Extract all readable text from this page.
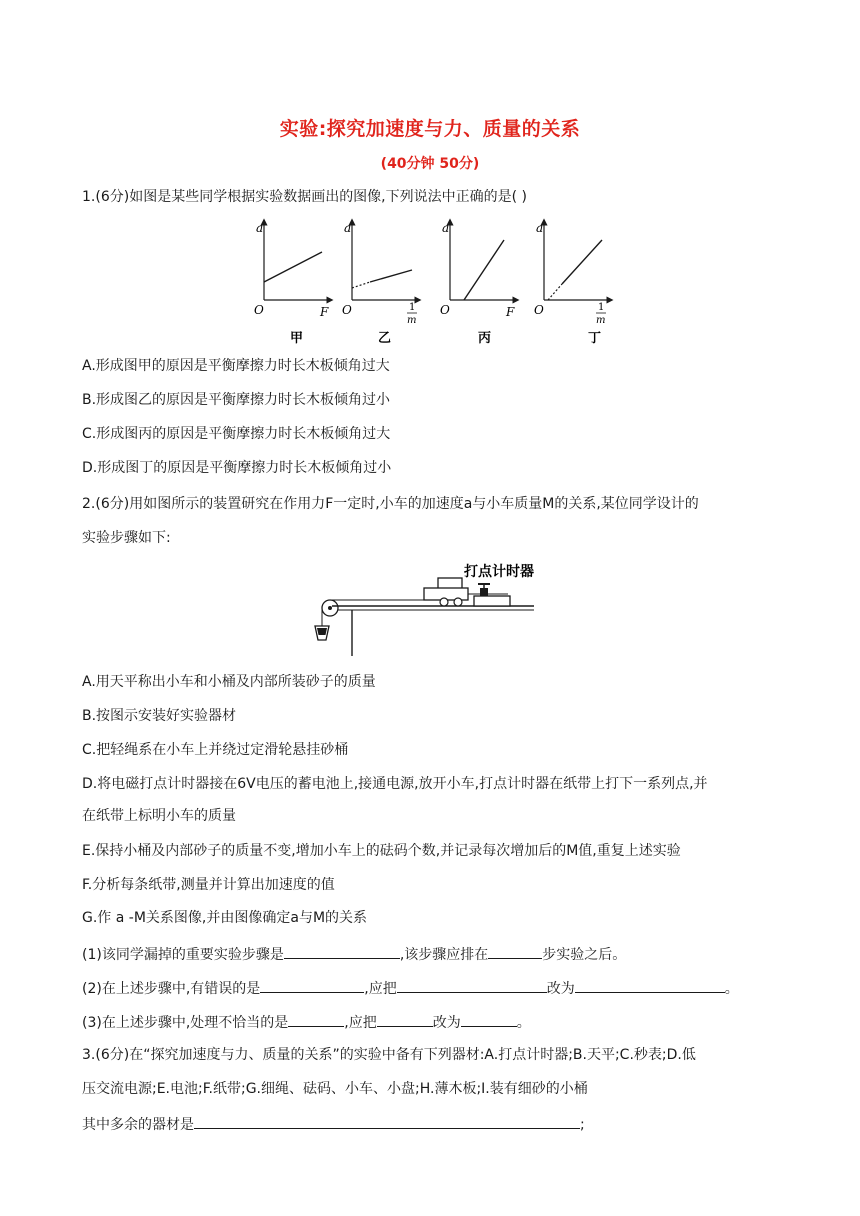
实验:探究加速度与力、质量的关系
(40分钟 50分)
1.(6分)如图是某些同学根据实验数据画出的图像,下列说法中正确的是( )
a
O	F
甲
a
O	1
m
乙
a
O	F
丙
a
O	1
m
丁
A.形成图甲的原因是平衡摩擦力时长木板倾角过大
B.形成图乙的原因是平衡摩擦力时长木板倾角过小
C.形成图丙的原因是平衡摩擦力时长木板倾角过大
D.形成图丁的原因是平衡摩擦力时长木板倾角过小
2.(6分)用如图所示的装置研究在作用力F一定时,小车的加速度a与小车质量M的关系,某位同学设计的
实验步骤如下:
打点计时器
A.用天平称出小车和小桶及内部所装砂子的质量
B.按图示安装好实验器材
C.把轻绳系在小车上并绕过定滑轮悬挂砂桶
D.将电磁打点计时器接在6V电压的蓄电池上,接通电源,放开小车,打点计时器在纸带上打下一系列点,并
在纸带上标明小车的质量
E.保持小桶及内部砂子的质量不变,增加小车上的砝码个数,并记录每次增加后的M值,重复上述实验
F.分析每条纸带,测量并计算出加速度的值
G.作 a -M关系图像,并由图像确定a与M的关系
(1)该同学漏掉的重要实验步骤是	,该步骤应排在	步实验之后。
(2)在上述步骤中,有错误的是	,应把	改为	。
(3)在上述步骤中,处理不恰当的是	,应把	改为	。
3.(6分)在“探究加速度与力、质量的关系”的实验中备有下列器材:A.打点计时器;B.天平;C.秒表;D.低
压交流电源;E.电池;F.纸带;G.细绳、砝码、小车、小盘;H.薄木板;I.装有细砂的小桶
其中多余的器材是	;
